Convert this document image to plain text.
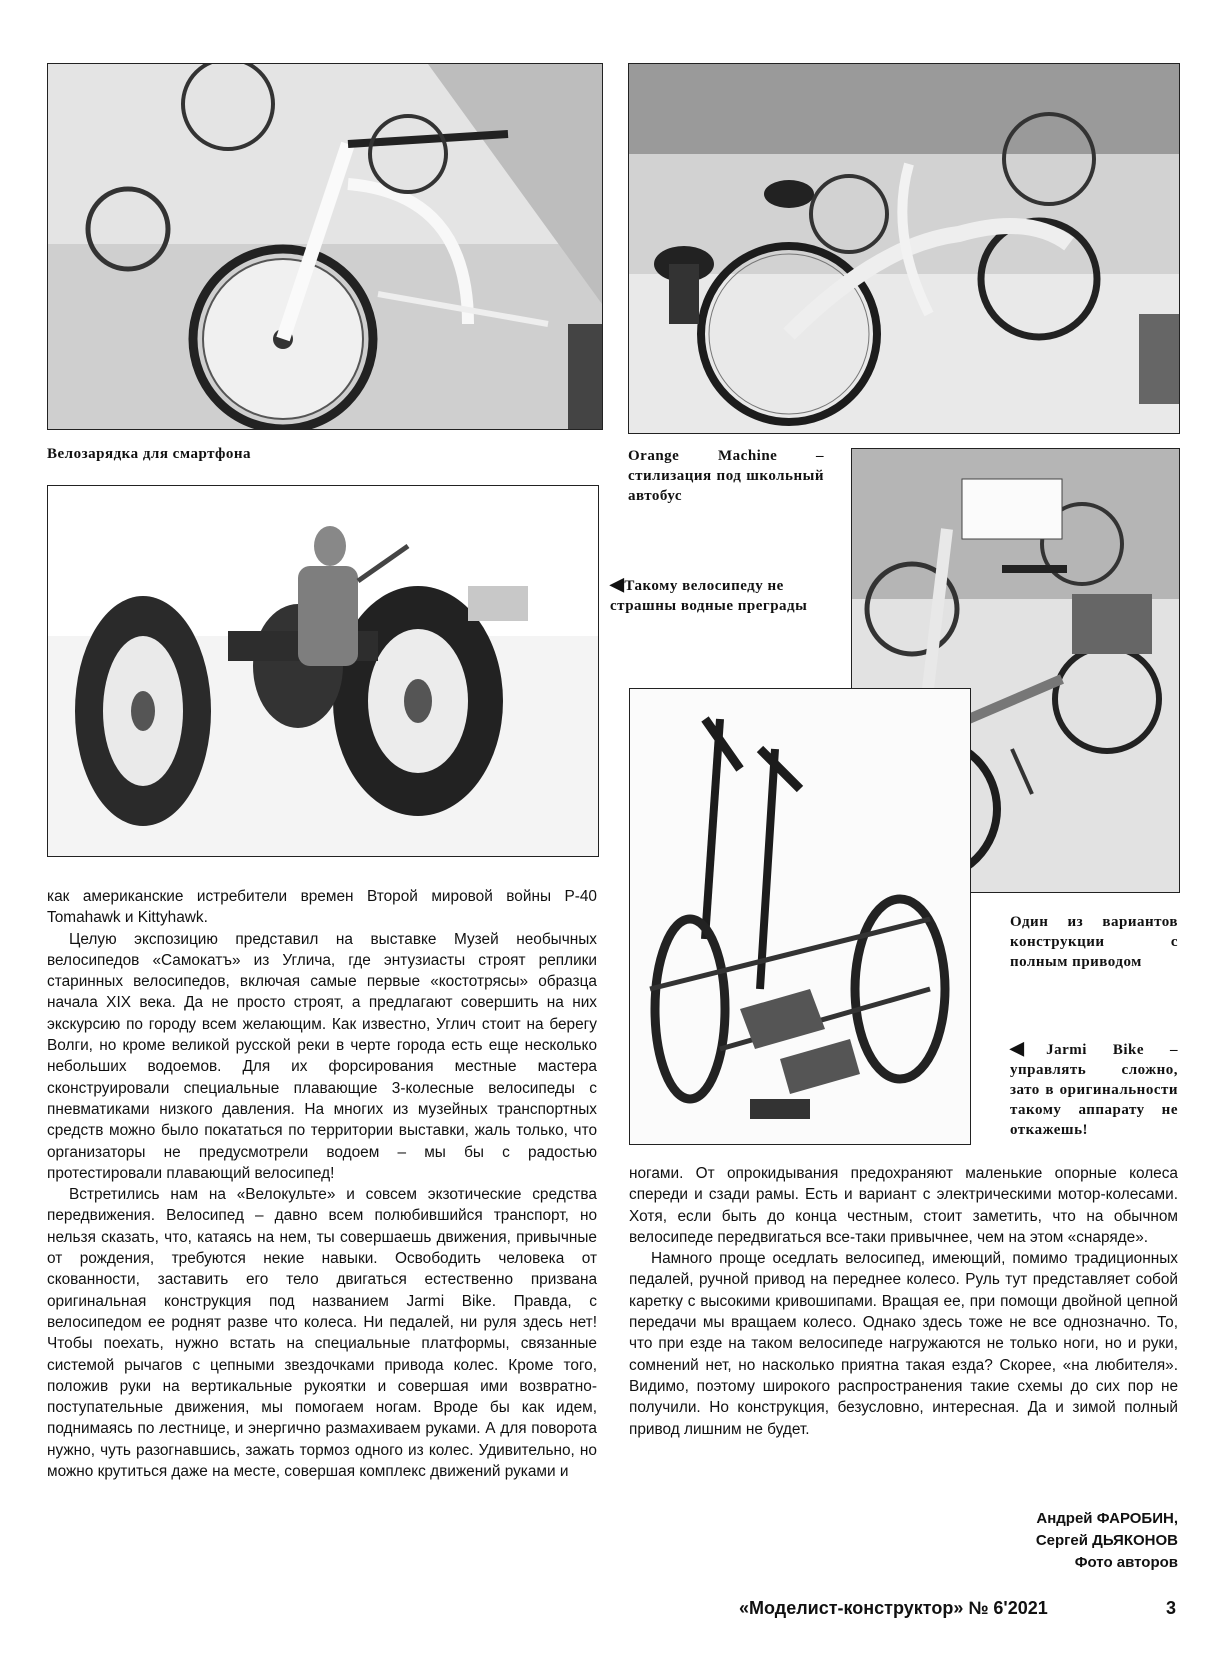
Велозарядка для смартфона	Orange Machine – стилизация под школьный автобус
◀Такому велосипеду не страшны водные преграды
Один из вариантов конструкции с полным приводом
◀Jarmi Bike – управлять сложно, зато в оригинальности такому аппарату не откажешь!

как американские истребители времен Второй мировой войны Р-40 Tomahawk и Kittyhawk.

Целую экспозицию представил на выставке Музей необычных велосипедов «Самокатъ» из Углича, где энтузиасты строят реплики старинных велосипедов, включая самые первые «костотрясы» образца начала XIX века. Да не просто строят, а предлагают совершить на них экскурсию по городу всем желающим. Как известно, Углич стоит на берегу Волги, но кроме великой русской реки в черте города есть еще несколько небольших водоемов. Для их форсирования местные мастера сконструировали специальные плавающие 3-колесные велосипеды с пневматиками низкого давления. На многих из музейных транспортных средств можно было покататься по территории выставки, жаль только, что организаторы не предусмотрели водоем – мы бы с радостью протестировали плавающий велосипед!

Встретились нам на «Велокульте» и совсем экзотические средства передвижения. Велосипед – давно всем полюбившийся транспорт, но нельзя сказать, что, катаясь на нем, ты совершаешь движения, привычные от рождения, требуются некие навыки. Освободить человека от скованности, заставить его тело двигаться естественно призвана оригинальная конструкция под названием Jarmi Bike. Правда, с велосипедом ее роднят разве что колеса. Ни педалей, ни руля здесь нет! Чтобы поехать, нужно встать на специальные платформы, связанные системой рычагов с цепными звездочками привода колес. Кроме того, положив руки на вертикальные рукоятки и совершая ими возвратно-поступательные движения, мы помогаем ногам. Вроде бы как идем, поднимаясь по лестнице, и энергично размахиваем руками. А для поворота нужно, чуть разогнавшись, зажать тормоз одного из колес. Удивительно, но можно крутиться даже на месте, совершая комплекс движений руками и

ногами. От опрокидывания предохраняют маленькие опорные колеса спереди и сзади рамы. Есть и вариант с электрическими мотор-колесами. Хотя, если быть до конца честным, стоит заметить, что на обычном велосипеде передвигаться все-таки привычнее, чем на этом «снаряде».

Намного проще оседлать велосипед, имеющий, помимо традиционных педалей, ручной привод на переднее колесо. Руль тут представляет собой каретку с высокими кривошипами. Вращая ее, при помощи двойной цепной передачи мы вращаем колесо. Однако здесь тоже не все однозначно. То, что при езде на таком велосипеде нагружаются не только ноги, но и руки, сомнений нет, но насколько приятна такая езда? Скорее, «на любителя». Видимо, поэтому широкого распространения такие схемы до сих пор не получили. Но конструкция, безусловно, интересная. Да и зимой полный привод лишним не будет.

Андрей ФАРОБИН,
Сергей ДЬЯКОНОВ
Фото авторов
«Моделист-конструктор» № 6'2021	3
